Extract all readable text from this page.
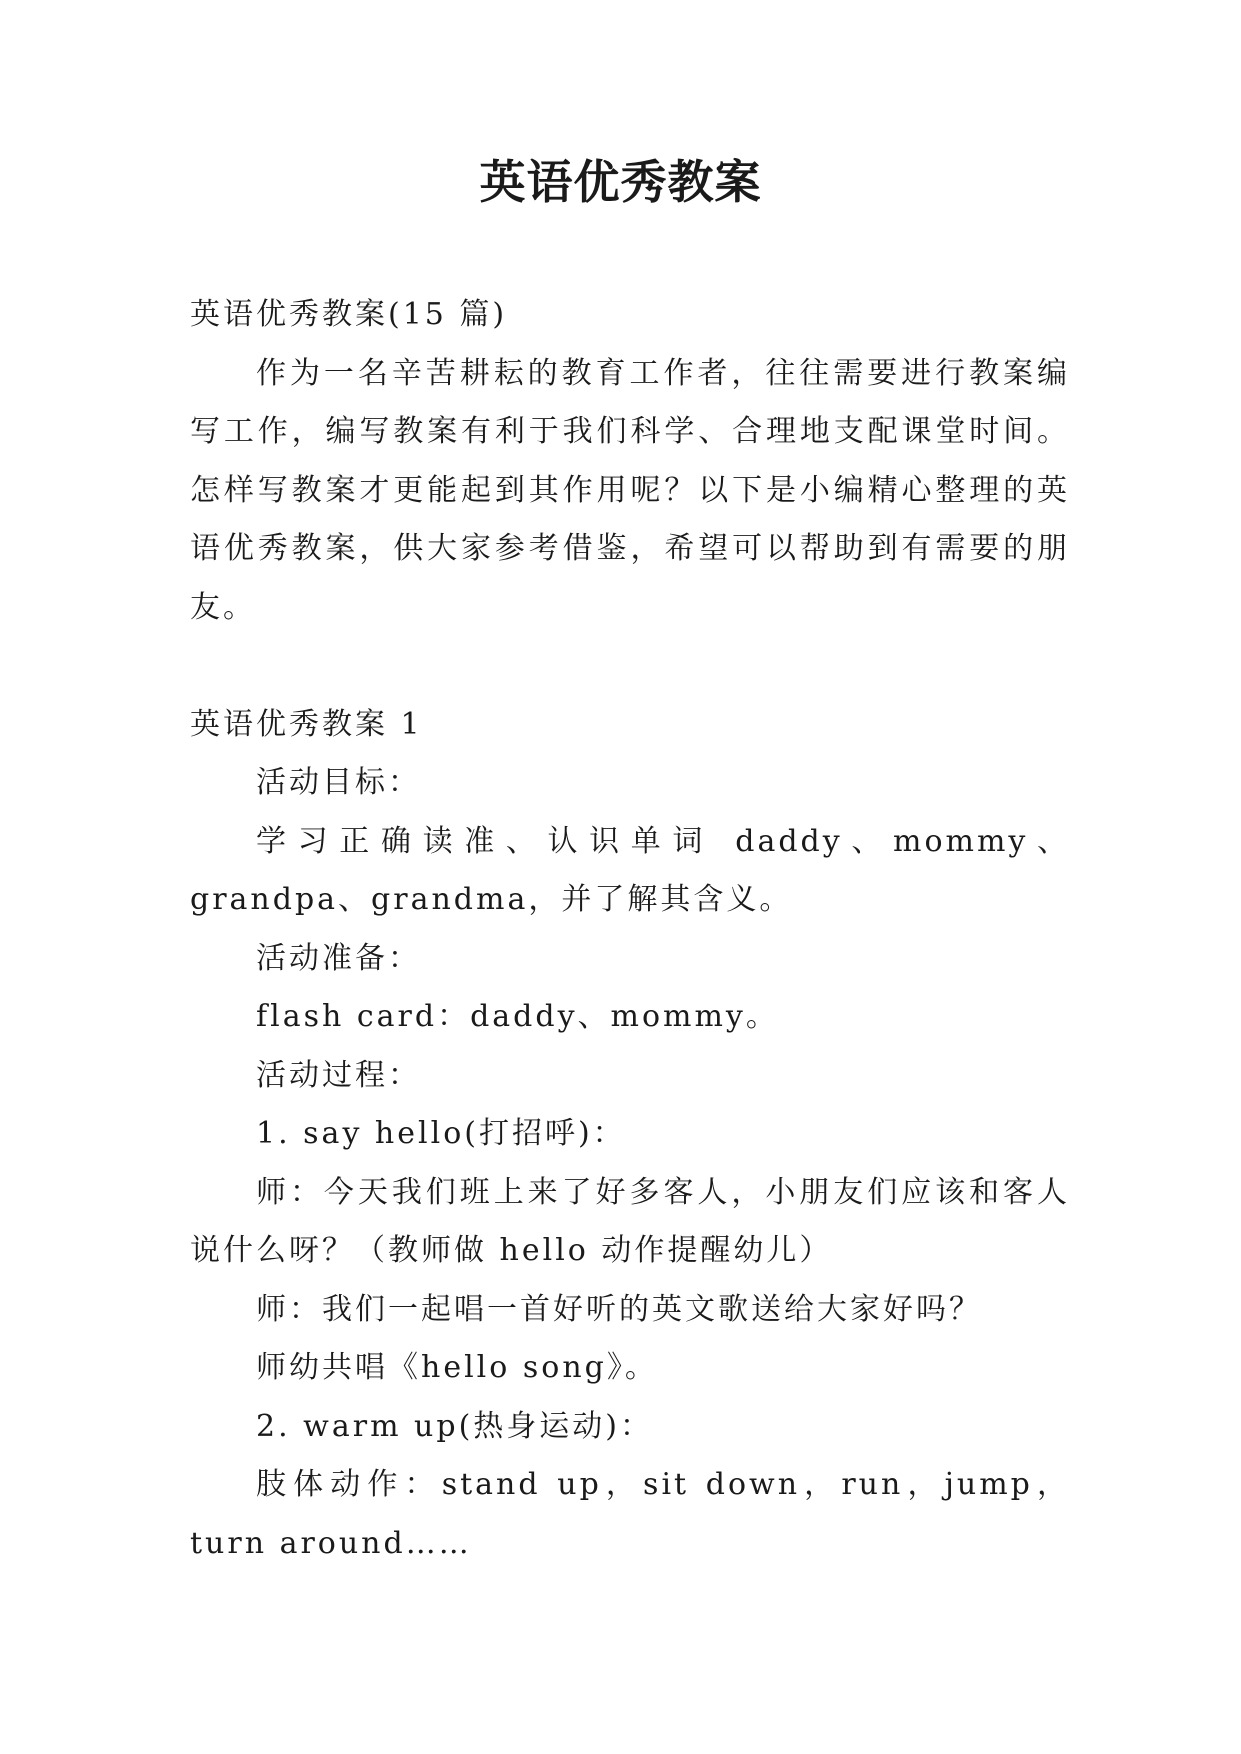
英语优秀教案

英语优秀教案(15 篇)

作为一名辛苦耕耘的教育工作者，往往需要进行教案编写工作，编写教案有利于我们科学、合理地支配课堂时间。怎样写教案才更能起到其作用呢？以下是小编精心整理的英语优秀教案，供大家参考借鉴，希望可以帮助到有需要的朋友。

英语优秀教案 1

活动目标：

学习正确读准、认识单词 daddy、mommy、grandpa、grandma，并了解其含义。

活动准备：

flash card：daddy、mommy。

活动过程：

1. say hello(打招呼)：

师：今天我们班上来了好多客人，小朋友们应该和客人说什么呀？（教师做 hello 动作提醒幼儿）

师：我们一起唱一首好听的英文歌送给大家好吗？

师幼共唱《hello song》。

2. warm up(热身运动)：

肢体动作：stand up，sit down，run，jump，turn around……
